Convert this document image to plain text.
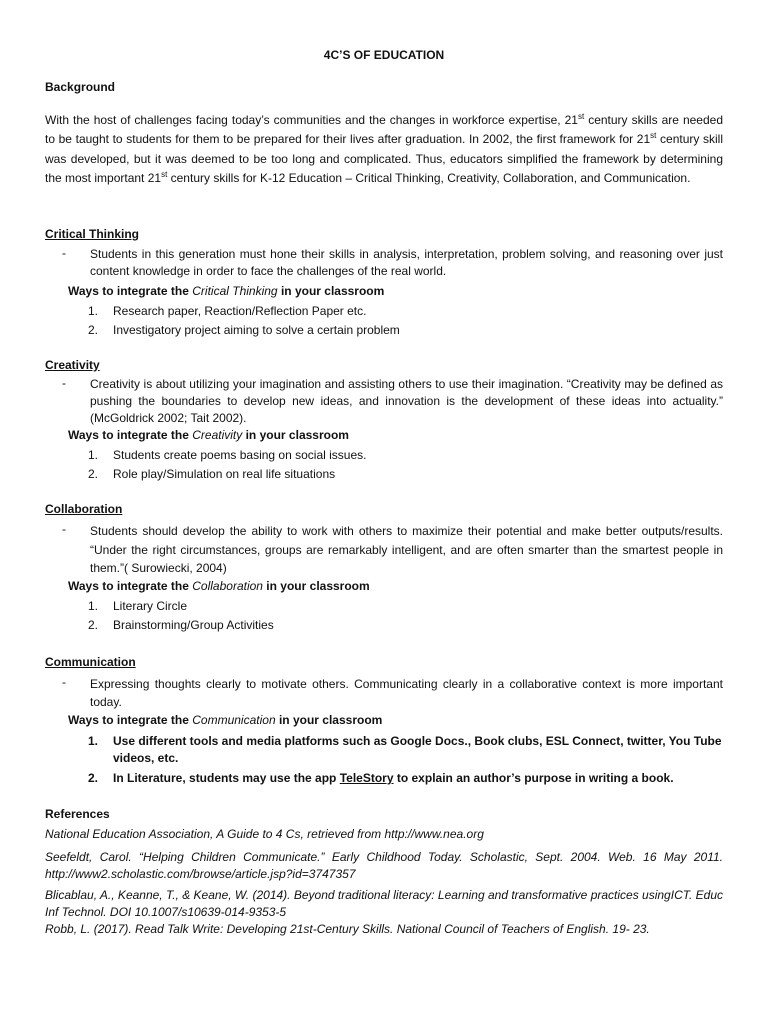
4C’S OF EDUCATION
Background
With the host of challenges facing today’s communities and the changes in workforce expertise, 21st century skills are needed to be taught to students for them to be prepared for their lives after graduation. In 2002, the first framework for 21st century skill was developed, but it was deemed to be too long and complicated. Thus, educators simplified the framework by determining the most important 21st century skills for K-12 Education – Critical Thinking, Creativity, Collaboration, and Communication.
Critical Thinking
- Students in this generation must hone their skills in analysis, interpretation, problem solving, and reasoning over just content knowledge in order to face the challenges of the real world.
Ways to integrate the Critical Thinking in your classroom
1. Research paper, Reaction/Reflection Paper etc.
2. Investigatory project aiming to solve a certain problem
Creativity
- Creativity is about utilizing your imagination and assisting others to use their imagination. “Creativity may be defined as pushing the boundaries to develop new ideas, and innovation is the development of these ideas into actuality.” (McGoldrick 2002; Tait 2002).
Ways to integrate the Creativity in your classroom
1. Students create poems basing on social issues.
2. Role play/Simulation on real life situations
Collaboration
- Students should develop the ability to work with others to maximize their potential and make better outputs/results. “Under the right circumstances, groups are remarkably intelligent, and are often smarter than the smartest people in them.”( Surowiecki, 2004)
Ways to integrate the Collaboration in your classroom
1. Literary Circle
2. Brainstorming/Group Activities
Communication
- Expressing thoughts clearly to motivate others. Communicating clearly in a collaborative context is more important today.
Ways to integrate the Communication in your classroom
1. Use different tools and media platforms such as Google Docs., Book clubs, ESL Connect, twitter, You Tube videos, etc.
2. In Literature, students may use the app TeleStory to explain an author’s purpose in writing a book.
References
National Education Association, A Guide to 4 Cs, retrieved from http://www.nea.org
Seefeldt, Carol. “Helping Children Communicate.” Early Childhood Today. Scholastic, Sept. 2004. Web. 16 May 2011. http://www2.scholastic.com/browse/article.jsp?id=3747357
Blicablau, A., Keanne, T., & Keane, W. (2014). Beyond traditional literacy: Learning and transformative practices usingICT. Educ Inf Technol. DOI 10.1007/s10639-014-9353-5
Robb, L. (2017). Read Talk Write: Developing 21st-Century Skills. National Council of Teachers of English. 19- 23.
